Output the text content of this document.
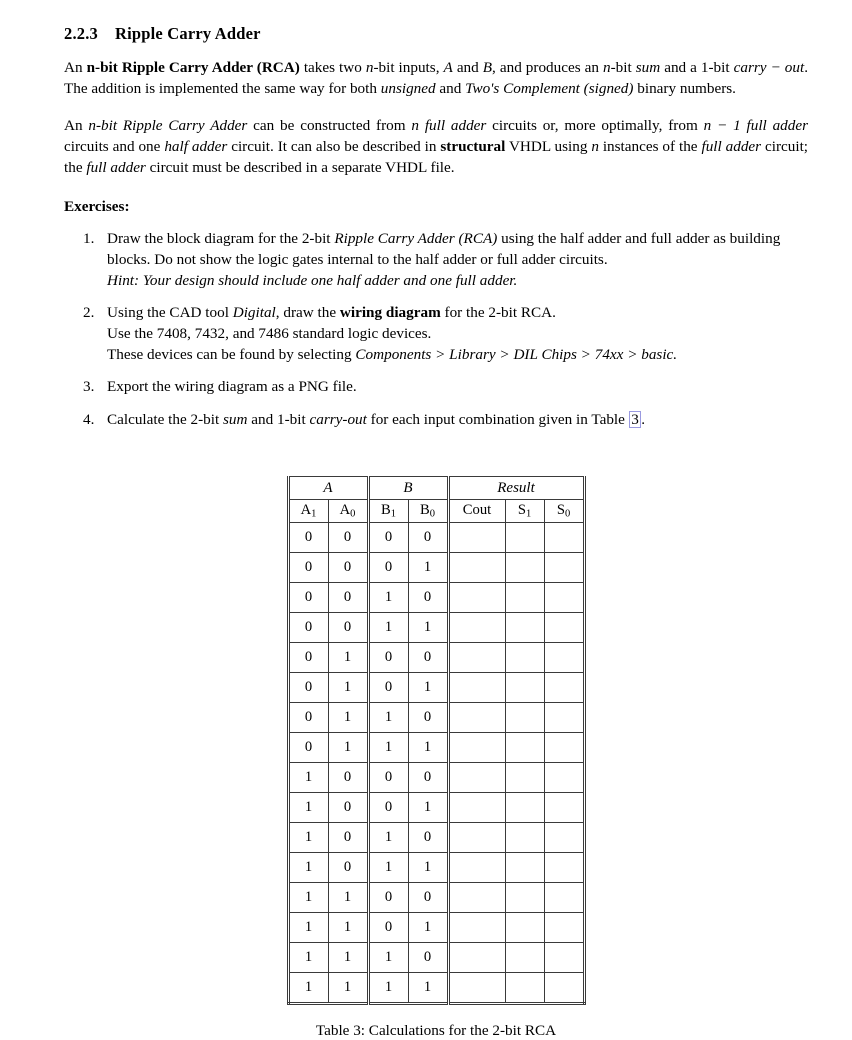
2.2.3 Ripple Carry Adder

An n-bit Ripple Carry Adder (RCA) takes two n-bit inputs, A and B, and produces an n-bit sum and a 1-bit carry − out. The addition is implemented the same way for both unsigned and Two's Complement (signed) binary numbers.

An n-bit Ripple Carry Adder can be constructed from n full adder circuits or, more optimally, from n − 1 full adder circuits and one half adder circuit. It can also be described in structural VHDL using n instances of the full adder circuit; the full adder circuit must be described in a separate VHDL file.

Exercises:
1. Draw the block diagram for the 2-bit Ripple Carry Adder (RCA) using the half adder and full adder as building blocks. Do not show the logic gates internal to the half adder or full adder circuits.
Hint: Your design should include one half adder and one full adder.
2. Using the CAD tool Digital, draw the wiring diagram for the 2-bit RCA.
Use the 7408, 7432, and 7486 standard logic devices.
These devices can be found by selecting Components > Library > DIL Chips > 74xx > basic.
3. Export the wiring diagram as a PNG file.
4. Calculate the 2-bit sum and 1-bit carry-out for each input combination given in Table 3 .
A		B		Result		
A1	A0	B1	B0	Cout	S1	S0
0	0	0	0			
0	0	0	1			
0	0	1	0			
0	0	1	1			
0	1	0	0			
0	1	0	1			
0	1	1	0			
0	1	1	1			
1	0	0	0			
1	0	0	1			
1	0	1	0			
1	0	1	1			
1	1	0	0			
1	1	0	1			
1	1	1	0			
1	1	1	1			
Table 3: Calculations for the 2-bit RCA
